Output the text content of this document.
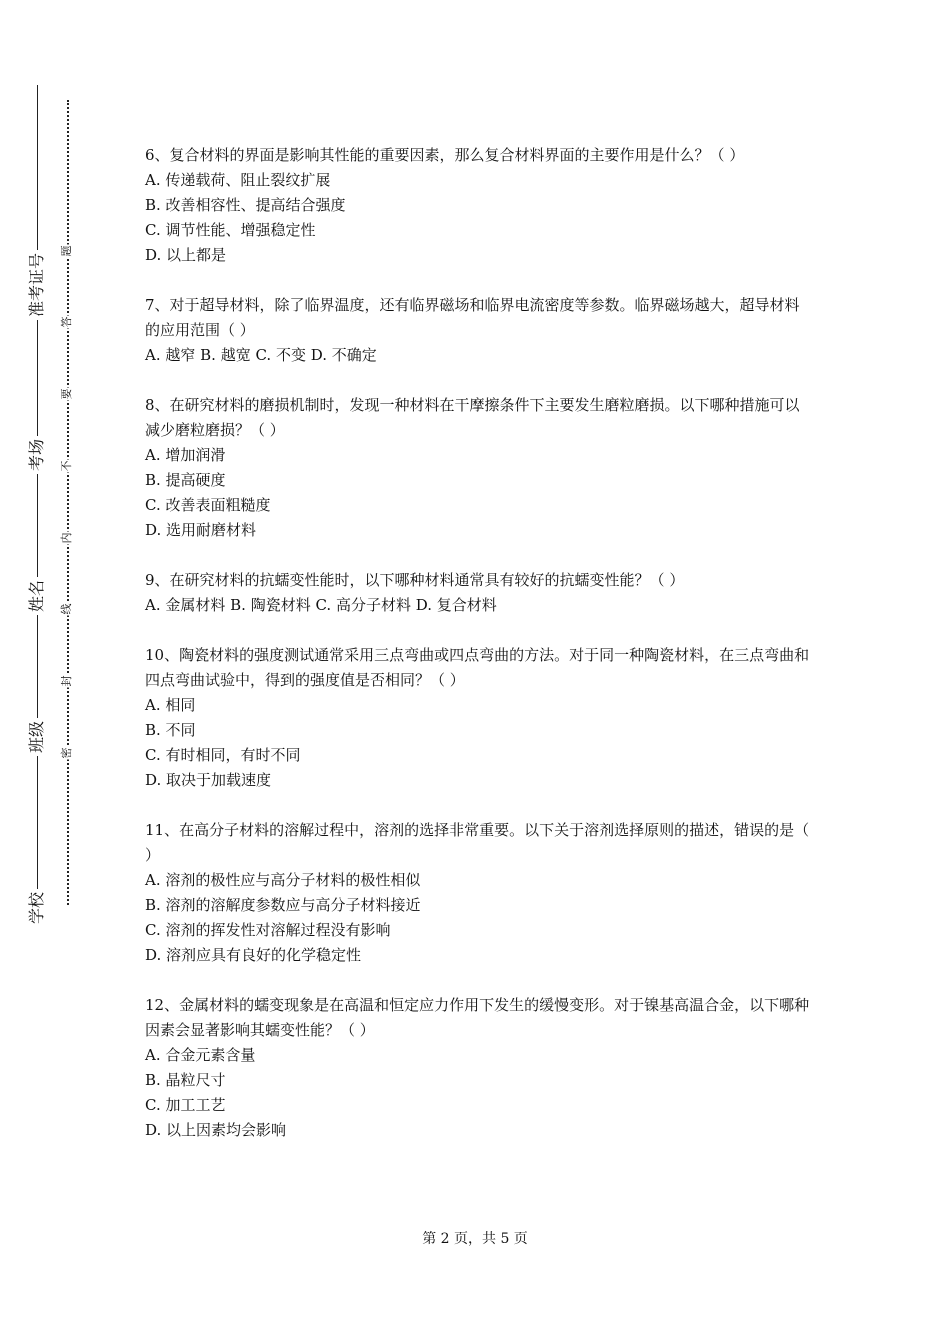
准考证号
考场
姓名
班级
学校
题
答
要
不
内
线
封
密

6、复合材料的界面是影响其性能的重要因素，那么复合材料界面的主要作用是什么？（ ）

A. 传递载荷、阻止裂纹扩展

B. 改善相容性、提高结合强度

C. 调节性能、增强稳定性

D. 以上都是

7、对于超导材料，除了临界温度，还有临界磁场和临界电流密度等参数。临界磁场越大，超导材料的应用范围（ ）

A. 越窄 B. 越宽 C. 不变 D. 不确定

8、在研究材料的磨损机制时，发现一种材料在干摩擦条件下主要发生磨粒磨损。以下哪种措施可以减少磨粒磨损？（ ）

A. 增加润滑

B. 提高硬度

C. 改善表面粗糙度

D. 选用耐磨材料

9、在研究材料的抗蠕变性能时，以下哪种材料通常具有较好的抗蠕变性能？（ ）

A. 金属材料 B. 陶瓷材料 C. 高分子材料 D. 复合材料

10、陶瓷材料的强度测试通常采用三点弯曲或四点弯曲的方法。对于同一种陶瓷材料，在三点弯曲和四点弯曲试验中，得到的强度值是否相同？（ ）

A. 相同

B. 不同

C. 有时相同，有时不同

D. 取决于加载速度

11、在高分子材料的溶解过程中，溶剂的选择非常重要。以下关于溶剂选择原则的描述，错误的是（ ）

A. 溶剂的极性应与高分子材料的极性相似

B. 溶剂的溶解度参数应与高分子材料接近

C. 溶剂的挥发性对溶解过程没有影响

D. 溶剂应具有良好的化学稳定性

12、金属材料的蠕变现象是在高温和恒定应力作用下发生的缓慢变形。对于镍基高温合金，以下哪种因素会显著影响其蠕变性能？（ ）

A. 合金元素含量

B. 晶粒尺寸

C. 加工工艺

D. 以上因素均会影响

第 2 页，共 5 页
